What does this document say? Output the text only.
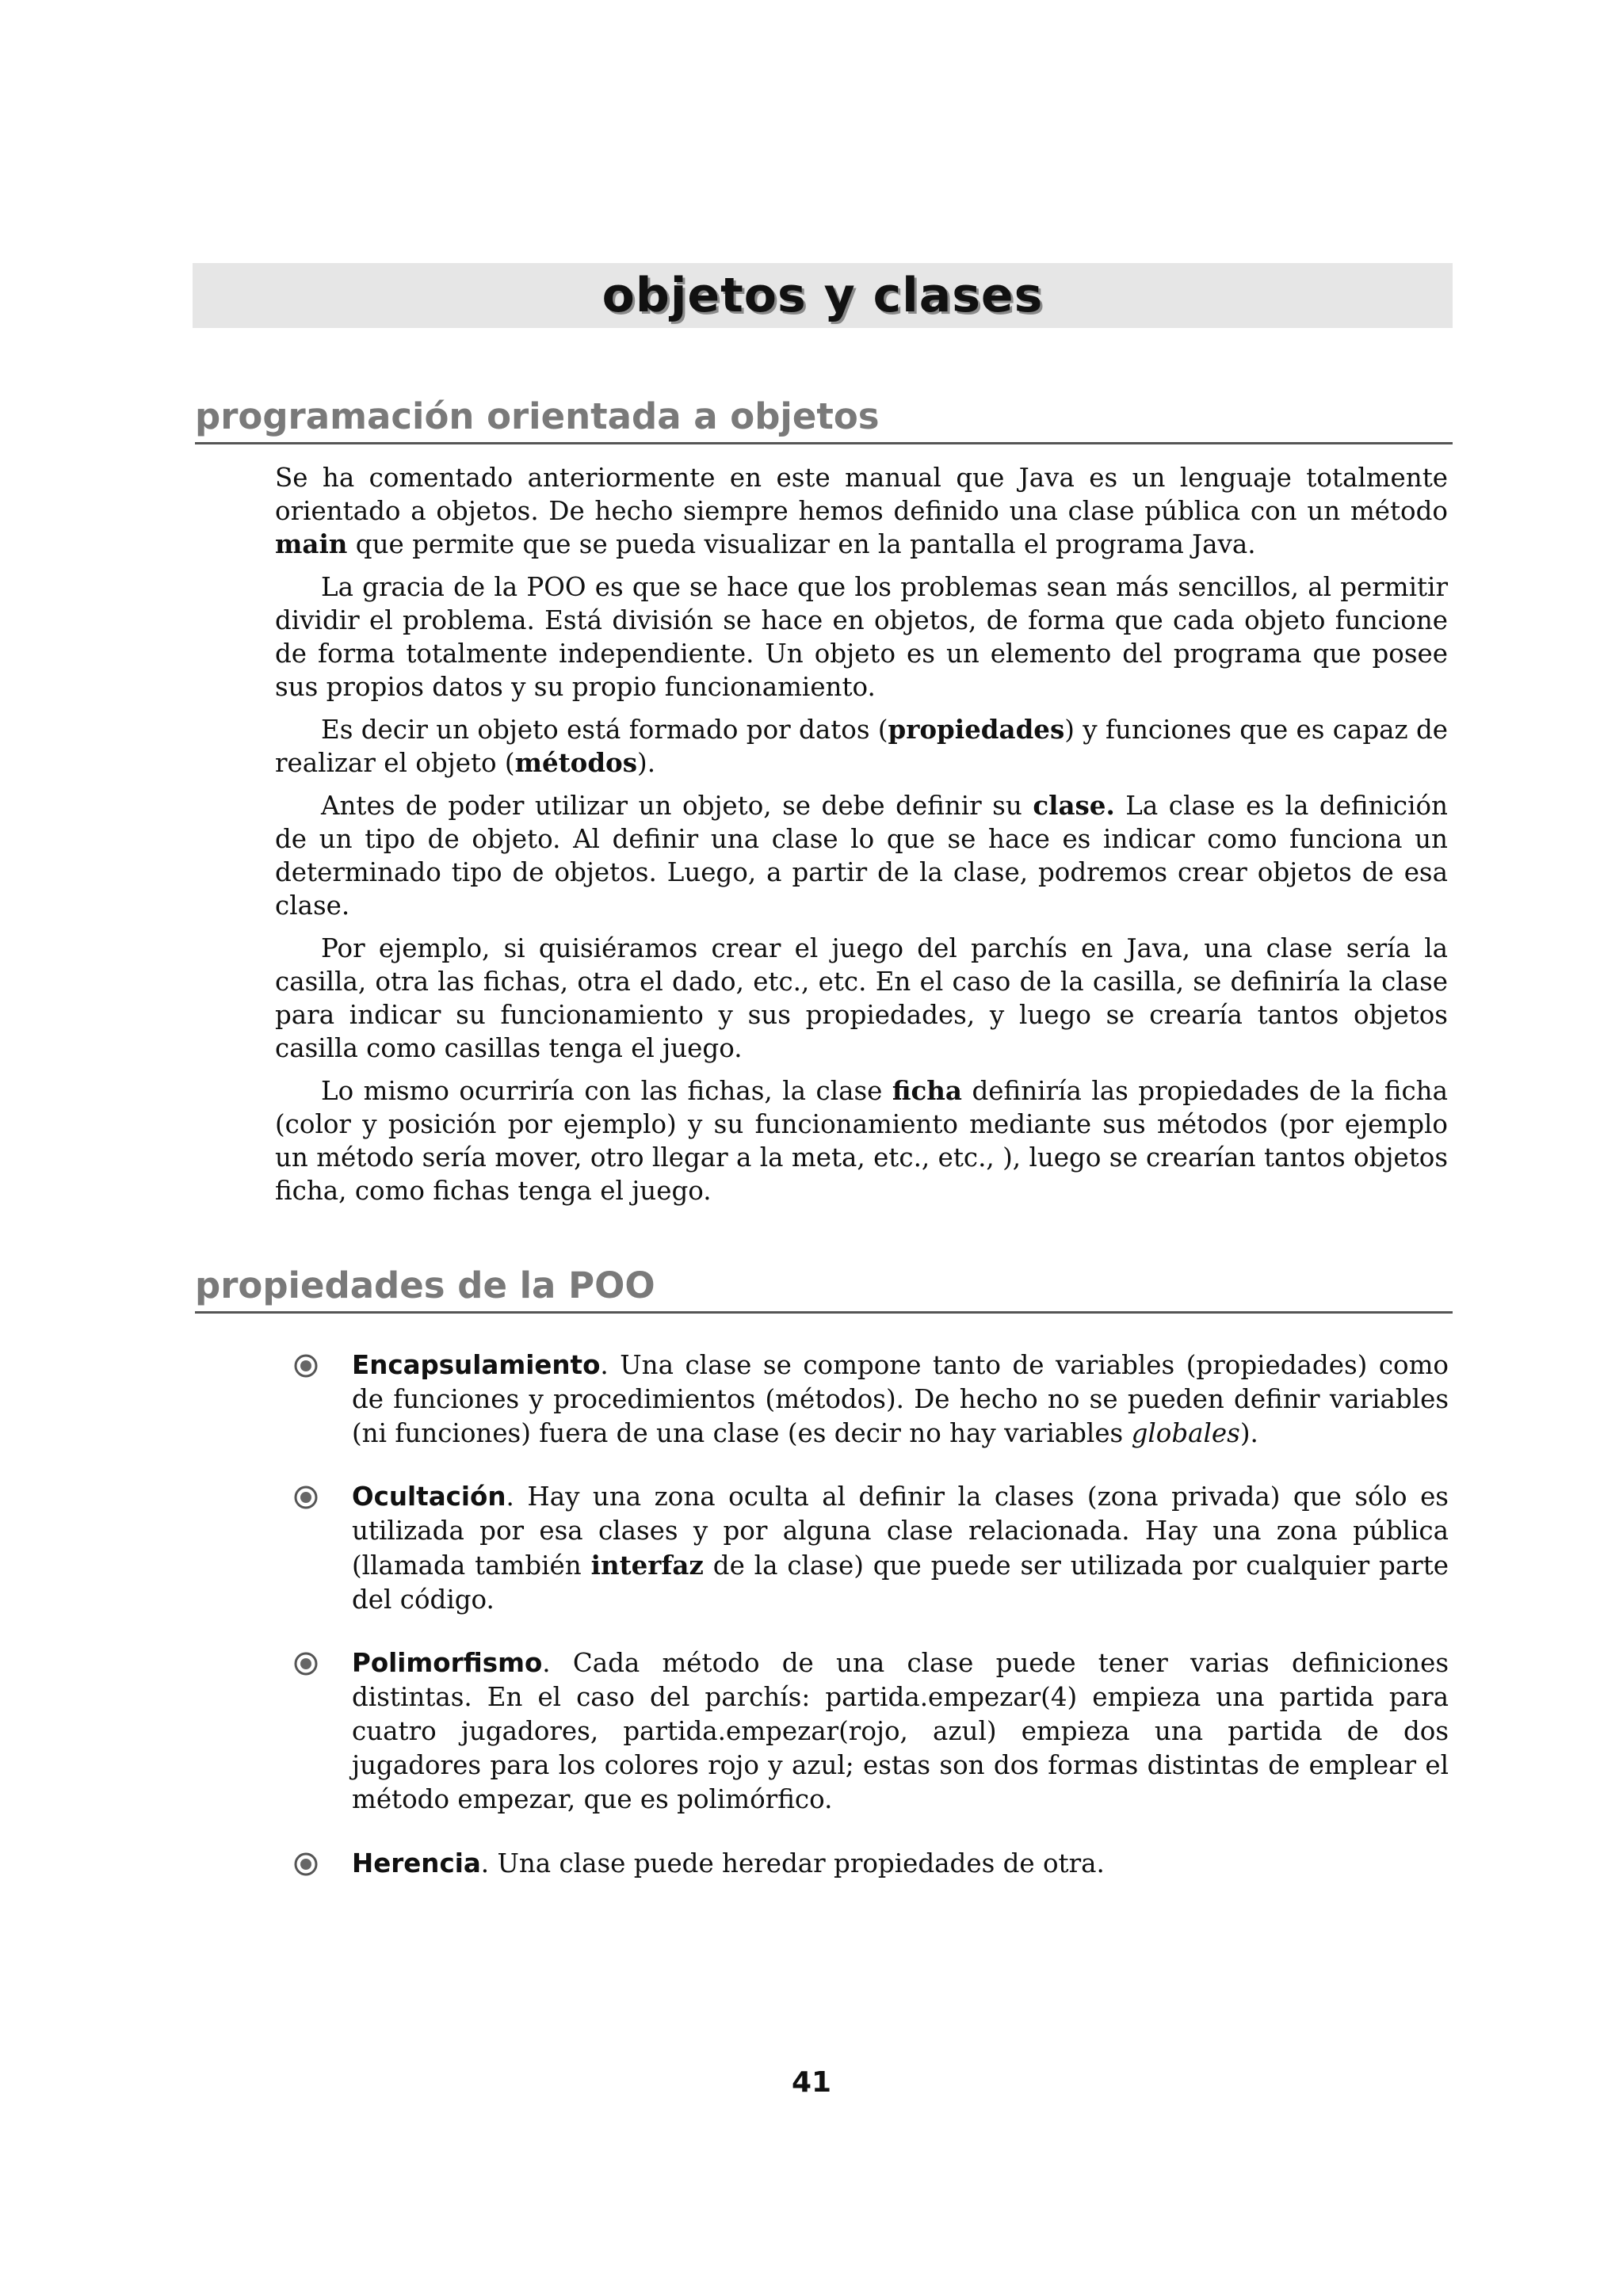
objetos y clases
programación orientada a objetos

Se ha comentado anteriormente en este manual que Java es un lenguaje totalmente orientado a objetos. De hecho siempre hemos definido una clase pública con un método main que permite que se pueda visualizar en la pantalla el programa Java.

La gracia de la POO es que se hace que los problemas sean más sencillos, al permitir dividir el problema. Está división se hace en objetos, de forma que cada objeto funcione de forma totalmente independiente. Un objeto es un elemento del programa que posee sus propios datos y su propio funcionamiento.

Es decir un objeto está formado por datos (propiedades) y funciones que es capaz de realizar el objeto (métodos).

Antes de poder utilizar un objeto, se debe definir su clase. La clase es la definición de un tipo de objeto. Al definir una clase lo que se hace es indicar como funciona un determinado tipo de objetos. Luego, a partir de la clase, podremos crear objetos de esa clase.

Por ejemplo, si quisiéramos crear el juego del parchís en Java, una clase sería la casilla, otra las fichas, otra el dado, etc., etc. En el caso de la casilla, se definiría la clase para indicar su funcionamiento y sus propiedades, y luego se crearía tantos objetos casilla como casillas tenga el juego.

Lo mismo ocurriría con las fichas, la clase ficha definiría las propiedades de la ficha (color y posición por ejemplo) y su funcionamiento mediante sus métodos (por ejemplo un método sería mover, otro llegar a la meta, etc., etc., ), luego se crearían tantos objetos ficha, como fichas tenga el juego.

propiedades de la POO

Encapsulamiento. Una clase se compone tanto de variables (propiedades) como de funciones y procedimientos (métodos). De hecho no se pueden definir variables (ni funciones) fuera de una clase (es decir no hay variables globales).

Ocultación. Hay una zona oculta al definir la clases (zona privada) que sólo es utilizada por esa clases y por alguna clase relacionada. Hay una zona pública (llamada también interfaz de la clase) que puede ser utilizada por cualquier parte del código.

Polimorfismo. Cada método de una clase puede tener varias definiciones distintas. En el caso del parchís: partida.empezar(4) empieza una partida para cuatro jugadores, partida.empezar(rojo, azul) empieza una partida de dos jugadores para los colores rojo y azul; estas son dos formas distintas de emplear el método empezar, que es polimórfico.

Herencia. Una clase puede heredar propiedades de otra.

41
